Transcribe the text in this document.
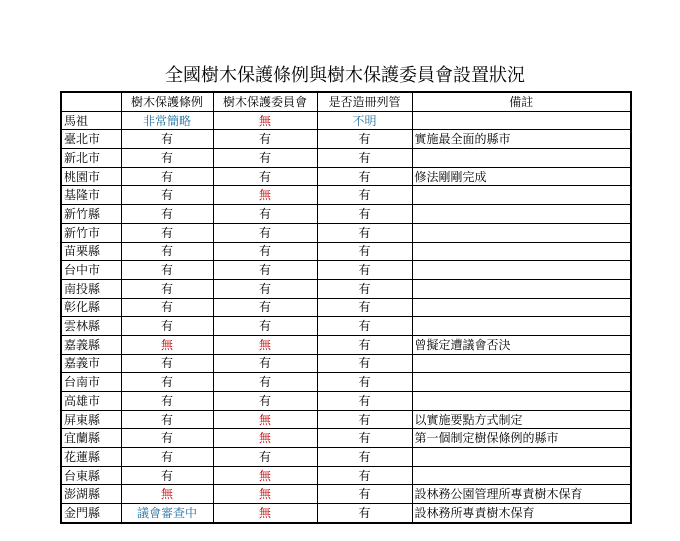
全國樹木保護條例與樹木保護委員會設置狀況
	樹木保護條例	樹木保護委員會	是否造冊列管	備註
馬祖	非常簡略	無	不明	
臺北市	有	有	有	實施最全面的縣市
新北市	有	有	有	
桃園市	有	有	有	修法剛剛完成
基隆市	有	無	有	
新竹縣	有	有	有	
新竹市	有	有	有	
苗栗縣	有	有	有	
台中市	有	有	有	
南投縣	有	有	有	
彰化縣	有	有	有	
雲林縣	有	有	有	
嘉義縣	無	無	有	曾擬定遭議會否決
嘉義市	有	有	有	
台南市	有	有	有	
高雄市	有	有	有	
屏東縣	有	無	有	以實施要點方式制定
宜蘭縣	有	無	有	第一個制定樹保條例的縣市
花蓮縣	有	有	有	
台東縣	有	無	有	
澎湖縣	無	無	有	設林務公園管理所專責樹木保育
金門縣	議會審查中	無	有	設林務所專責樹木保育
